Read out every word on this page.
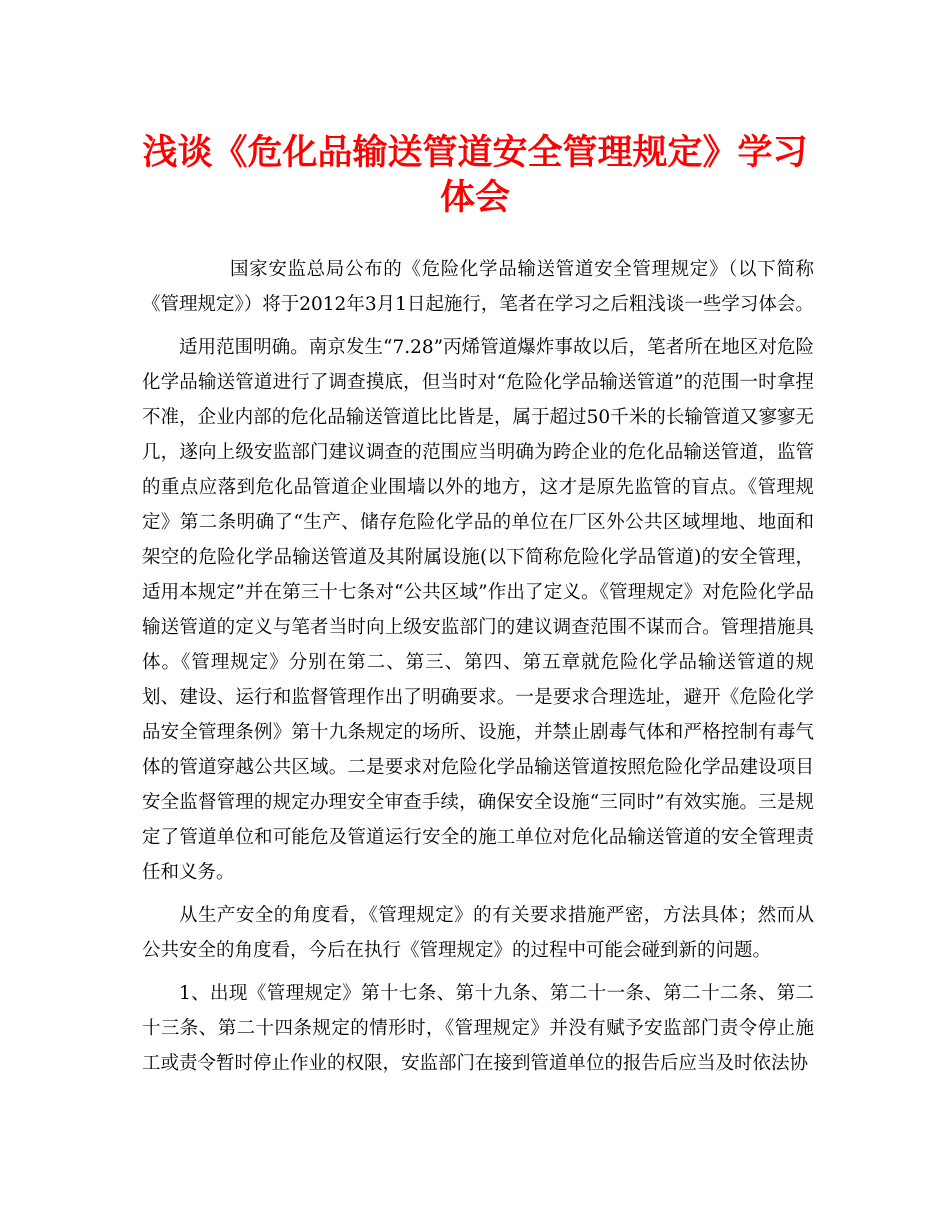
浅谈《危化品输送管道安全管理规定》学习
体会

国家安监总局公布的《危险化学品输送管道安全管理规定》（以下简称《管理规定》）将于2012年3月1日起施行，笔者在学习之后粗浅谈一些学习体会。

适用范围明确。南京发生“7.28”丙烯管道爆炸事故以后，笔者所在地区对危险化学品输送管道进行了调查摸底，但当时对“危险化学品输送管道”的范围一时拿捏不准，企业内部的危化品输送管道比比皆是，属于超过50千米的长输管道又寥寥无几，遂向上级安监部门建议调查的范围应当明确为跨企业的危化品输送管道，监管的重点应落到危化品管道企业围墙以外的地方，这才是原先监管的盲点。《管理规定》第二条明确了“生产、储存危险化学品的单位在厂区外公共区域埋地、地面和架空的危险化学品输送管道及其附属设施(以下简称危险化学品管道)的安全管理，适用本规定”并在第三十七条对“公共区域”作出了定义。《管理规定》对危险化学品输送管道的定义与笔者当时向上级安监部门的建议调查范围不谋而合。管理措施具体。《管理规定》分别在第二、第三、第四、第五章就危险化学品输送管道的规划、建设、运行和监督管理作出了明确要求。一是要求合理选址，避开《危险化学品安全管理条例》第十九条规定的场所、设施，并禁止剧毒气体和严格控制有毒气体的管道穿越公共区域。二是要求对危险化学品输送管道按照危险化学品建设项目安全监督管理的规定办理安全审查手续，确保安全设施“三同时”有效实施。三是规定了管道单位和可能危及管道运行安全的施工单位对危化品输送管道的安全管理责任和义务。

从生产安全的角度看，《管理规定》的有关要求措施严密，方法具体；然而从公共安全的角度看，今后在执行《管理规定》的过程中可能会碰到新的问题。

1、出现《管理规定》第十七条、第十九条、第二十一条、第二十二条、第二十三条、第二十四条规定的情形时，《管理规定》并没有赋予安监部门责令停止施工或责令暂时停止作业的权限，安监部门在接到管道单位的报告后应当及时依法协
